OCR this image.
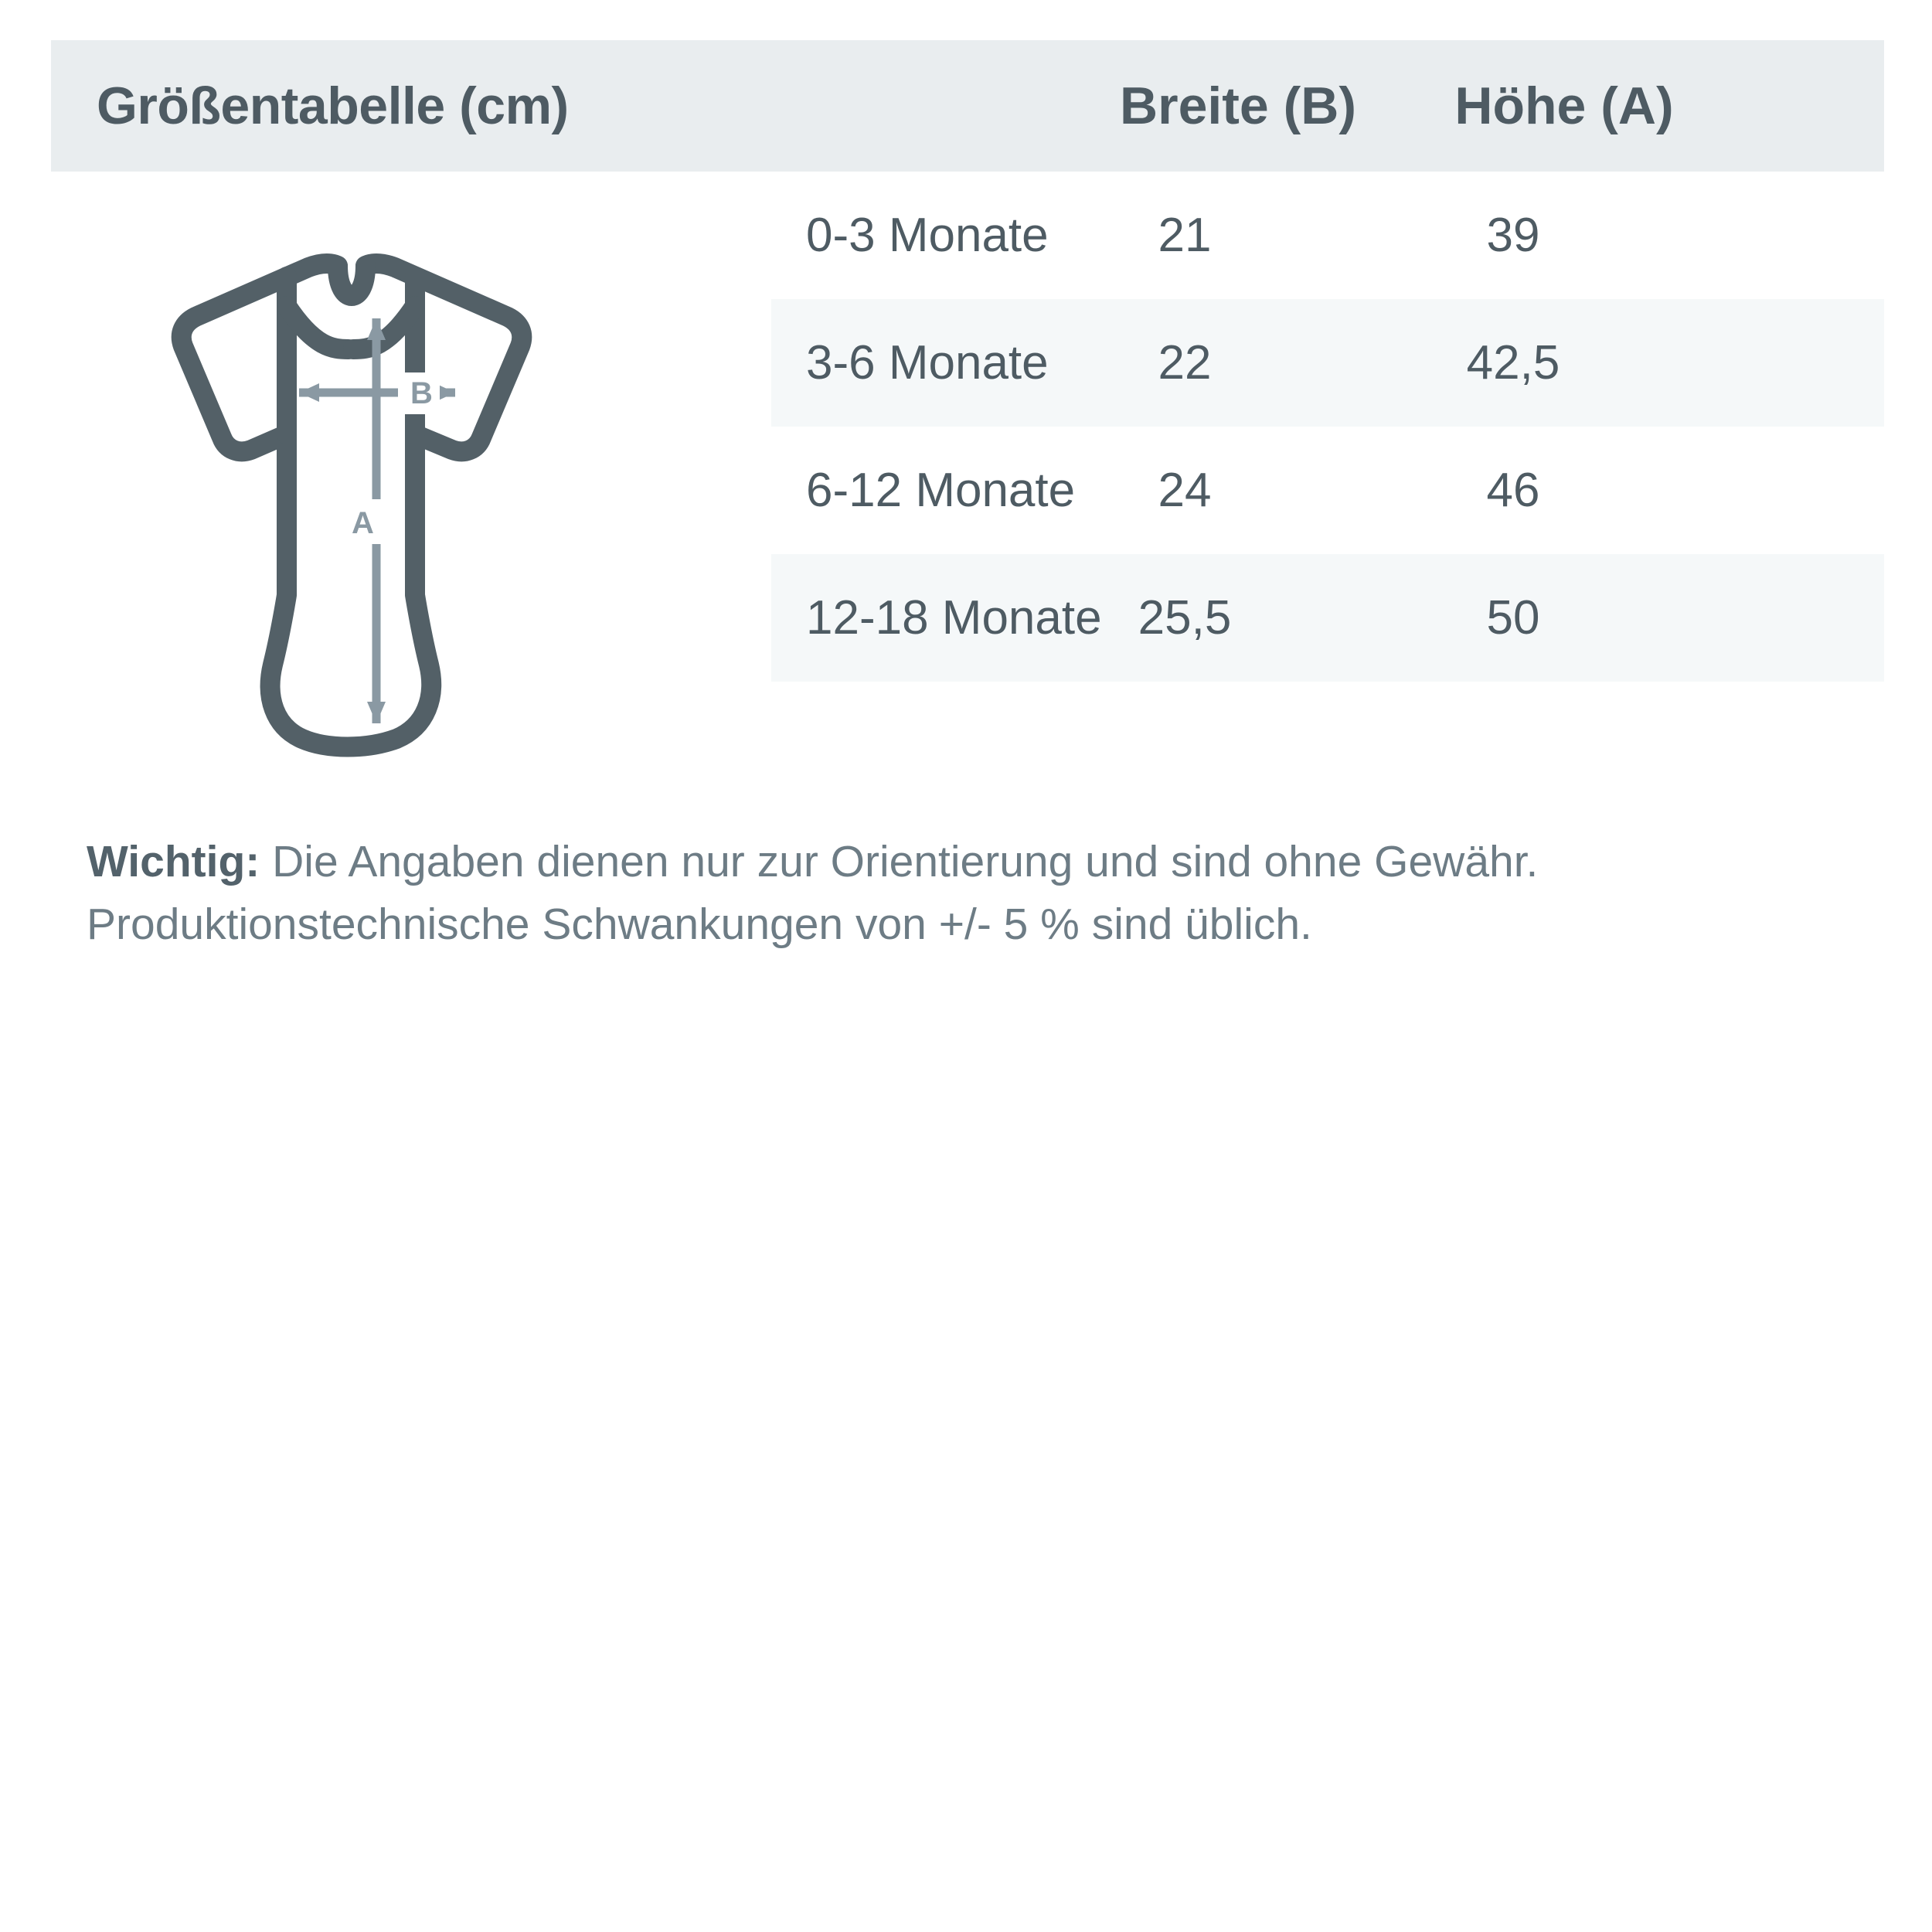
Größentabelle (cm)	Breite (B) Höhe (A)
B
A
0-3 Monate	21	39
3-6 Monate	22	42,5
6-12 Monate	24	46
12-18 Monate 25,5	50
Wichtig: Die Angaben dienen nur zur Orientierung und sind ohne Gewähr. Produktionstechnische Schwankungen von +/- 5 % sind üblich.
